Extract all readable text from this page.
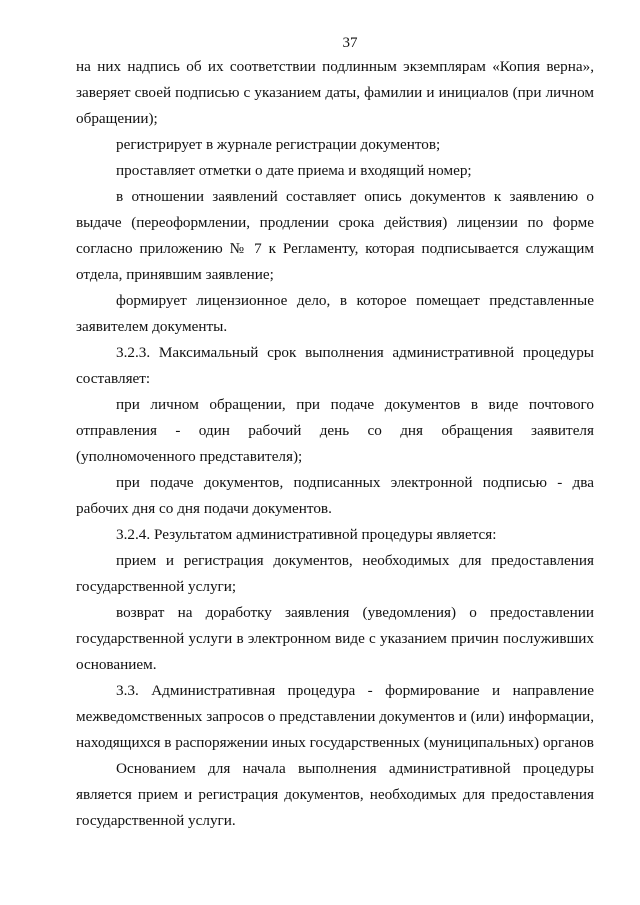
37

на них надпись об их соответствии подлинным экземплярам «Копия верна», заверяет своей подписью с указанием даты, фамилии и инициалов (при личном обращении);

регистрирует в журнале регистрации документов;

проставляет отметки о дате приема и входящий номер;

в отношении заявлений составляет опись документов к заявлению о выдаче (переоформлении, продлении срока действия) лицензии по форме согласно приложению № 7 к Регламенту, которая подписывается служащим отдела, принявшим заявление;

формирует лицензионное дело, в которое помещает представленные заявителем документы.

3.2.3. Максимальный срок выполнения административной процедуры составляет:

при личном обращении, при подаче документов в виде почтового отправления - один рабочий день со дня обращения заявителя (уполномоченного представителя);

при подаче документов, подписанных электронной подписью - два рабочих дня со дня подачи документов.

3.2.4. Результатом административной процедуры является:

прием и регистрация документов, необходимых для предоставления государственной услуги;

возврат на доработку заявления (уведомления) о предоставлении государственной услуги в электронном виде с указанием причин послуживших основанием.

3.3. Административная процедура - формирование и направление межведомственных запросов о представлении документов и (или) информации, находящихся в распоряжении иных государственных (муниципальных) органов

Основанием для начала выполнения административной процедуры является прием и регистрация документов, необходимых для предоставления государственной услуги.
